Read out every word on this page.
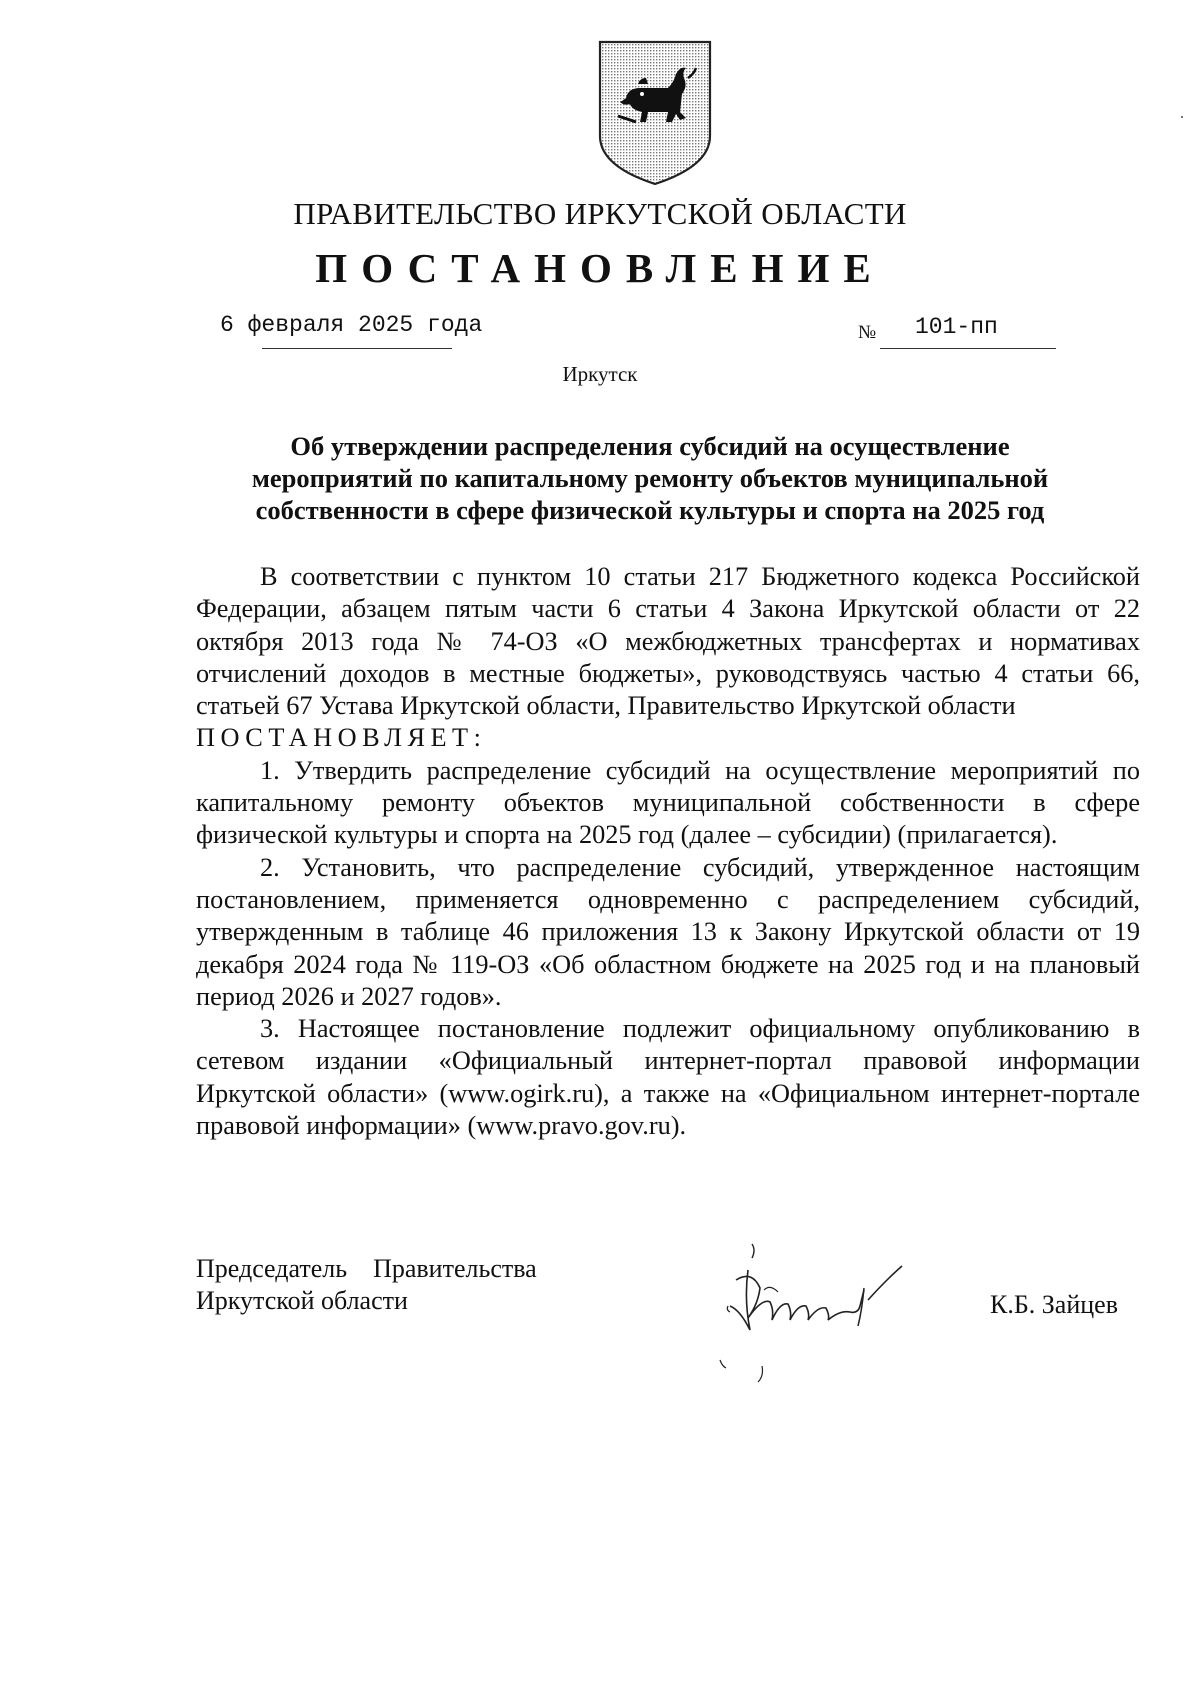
ПРАВИТЕЛЬСТВО ИРКУТСКОЙ ОБЛАСТИ
ПОСТАНОВЛЕНИЕ
6 февраля 2025 года	№ 101-пп
Иркутск
Об утверждении распределения субсидий на осуществление
мероприятий по капитальному ремонту объектов муниципальной
собственности в сфере физической культуры и спорта на 2025 год

В соответствии с пунктом 10 статьи 217 Бюджетного кодекса Российской Федерации, абзацем пятым части 6 статьи 4 Закона Иркутской области от 22 октября 2013 года № 74-ОЗ «О межбюджетных трансфертах и нормативах отчислений доходов в местные бюджеты», руководствуясь частью 4 статьи 66, статьей 67 Устава Иркутской области, Правительство Иркутской области

ПОСТАНОВЛЯЕТ:

1. Утвердить распределение субсидий на осуществление мероприятий по капитальному ремонту объектов муниципальной собственности в сфере физической культуры и спорта на 2025 год (далее – субсидии) (прилагается).

2. Установить, что распределение субсидий, утвержденное настоящим постановлением, применяется одновременно с распределением субсидий, утвержденным в таблице 46 приложения 13 к Закону Иркутской области от 19 декабря 2024 года № 119-ОЗ «Об областном бюджете на 2025 год и на плановый период 2026 и 2027 годов».

3. Настоящее постановление подлежит официальному опубликованию в сетевом издании «Официальный интернет-портал правовой информации Иркутской области» (www.ogirk.ru), а также на «Официальном интернет-портале правовой информации» (www.pravo.gov.ru).

Председатель Правительства
Иркутской области	К.Б. Зайцев
